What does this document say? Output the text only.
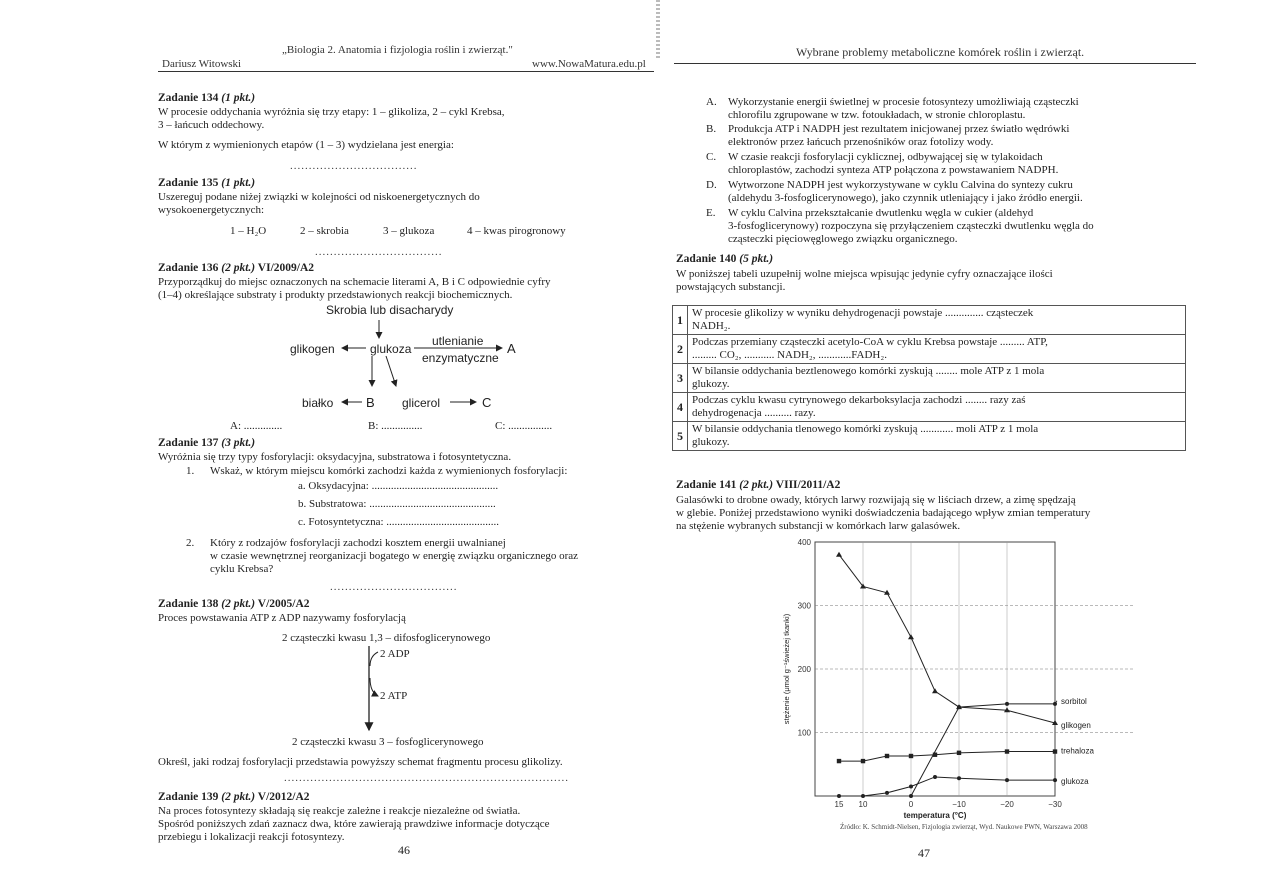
„Biologia 2. Anatomia i fizjologia roślin i zwierząt."
Dariusz Witowski	www.NowaMatura.edu.pl
Zadanie 134 (1 pkt.)
W procesie oddychania wyróżnia się trzy etapy: 1 – glikoliza, 2 – cykl Krebsa,
3 – łańcuch oddechowy.
W którym z wymienionych etapów (1 – 3) wydzielana jest energia:
..................................
Zadanie 135 (1 pkt.)
Uszereguj podane niżej związki w kolejności od niskoenergetycznych do
wysokoenergetycznych:
1 – H₂O	2 – skrobia	3 – glukoza	4 – kwas pirogronowy
..................................
Zadanie 136 (2 pkt.) VI/2009/A2
Przyporządkuj do miejsc oznaczonych na schemacie literami A, B i C odpowiednie cyfry
(1–4) określające substraty i produkty przedstawionych reakcji biochemicznych.
Skrobia lub disacharydy
glikogen	glukoza
utlenianie
enzymatyczne
A
białko	B glicerol	C
A: ..............	B: ...............	C: ................
Zadanie 137 (3 pkt.)
Wyróżnia się trzy typy fosforylacji: oksydacyjna, substratowa i fotosyntetyczna.
1. Wskaż, w którym miejscu komórki zachodzi każda z wymienionych fosforylacji:
a. Oksydacyjna: ..............................................
b. Substratowa: ..............................................
c. Fotosyntetyczna: .........................................
2. Który z rodzajów fosforylacji zachodzi kosztem energii uwalnianej
w czasie wewnętrznej reorganizacji bogatego w energię związku organicznego oraz
cyklu Krebsa?
..................................
Zadanie 138 (2 pkt.) V/2005/A2
Proces powstawania ATP z ADP nazywamy fosforylacją
2 cząsteczki kwasu 1,3 – difosfoglicerynowego
2 ADP
2 ATP
2 cząsteczki kwasu 3 – fosfoglicerynowego
Określ, jaki rodzaj fosforylacji przedstawia powyższy schemat fragmentu procesu glikolizy.
............................................................................
Zadanie 139 (2 pkt.) V/2012/A2
Na proces fotosyntezy składają się reakcje zależne i reakcje niezależne od światła.
Spośród poniższych zdań zaznacz dwa, które zawierają prawdziwe informacje dotyczące
przebiegu i lokalizacji reakcji fotosyntezy.
46
Wybrane problemy metaboliczne komórek roślin i zwierząt.
A. Wykorzystanie energii świetlnej w procesie fotosyntezy umożliwiają cząsteczki
chlorofilu zgrupowane w tzw. fotoukładach, w stronie chloroplastu.
B. Produkcja ATP i NADPH jest rezultatem inicjowanej przez światło wędrówki
elektronów przez łańcuch przenośników oraz fotolizy wody.
C. W czasie reakcji fosforylacji cyklicznej, odbywającej się w tylakoidach
chloroplastów, zachodzi synteza ATP połączona z powstawaniem NADPH.
D. Wytworzone NADPH jest wykorzystywane w cyklu Calvina do syntezy cukru
(aldehydu 3-fosfoglicerynowego), jako czynnik utleniający i jako źródło energii.
E. W cyklu Calvina przekształcanie dwutlenku węgla w cukier (aldehyd
3-fosfoglicerynowy) rozpoczyna się przyłączeniem cząsteczki dwutlenku węgla do
cząsteczki pięciowęglowego związku organicznego.
Zadanie 140 (5 pkt.)
W poniższej tabeli uzupełnij wolne miejsca wpisując jedynie cyfry oznaczające ilości
powstających substancji.
1	W procesie glikolizy w wyniku dehydrogenacji powstaje .............. cząsteczek
NADH₂.

2	Podczas przemiany cząsteczki acetylo-CoA w cyklu Krebsa powstaje ......... ATP,
......... CO₂, ........... NADH₂, ............FADH₂.

3	W bilansie oddychania beztlenowego komórki zyskują ........ mole ATP z 1 mola
glukozy.

4	Podczas cyklu kwasu cytrynowego dekarboksylacja zachodzi ........ razy zaś
dehydrogenacja .......... razy.

5	W bilansie oddychania tlenowego komórki zyskują ............ moli ATP z 1 mola
glukozy.
Zadanie 141 (2 pkt.) VIII/2011/A2
Galasówki to drobne owady, których larwy rozwijają się w liściach drzew, a zimę spędzają
w glebie. Poniżej przedstawiono wyniki doświadczenia badającego wpływ zmian temperatury
na stężenie wybranych substancji w komórkach larw galasówek.
100
200
300
400
15 10	0	−10	−20	−30
temperatura (°C)
stężenie (μmol g⁻¹świeżej tkanki)	sorbitol
glikogen
trehaloza
glukoza
Źródło: K. Schmidt-Nielsen, Fizjologia zwierząt, Wyd. Naukowe PWN, Warszawa 2008
47
